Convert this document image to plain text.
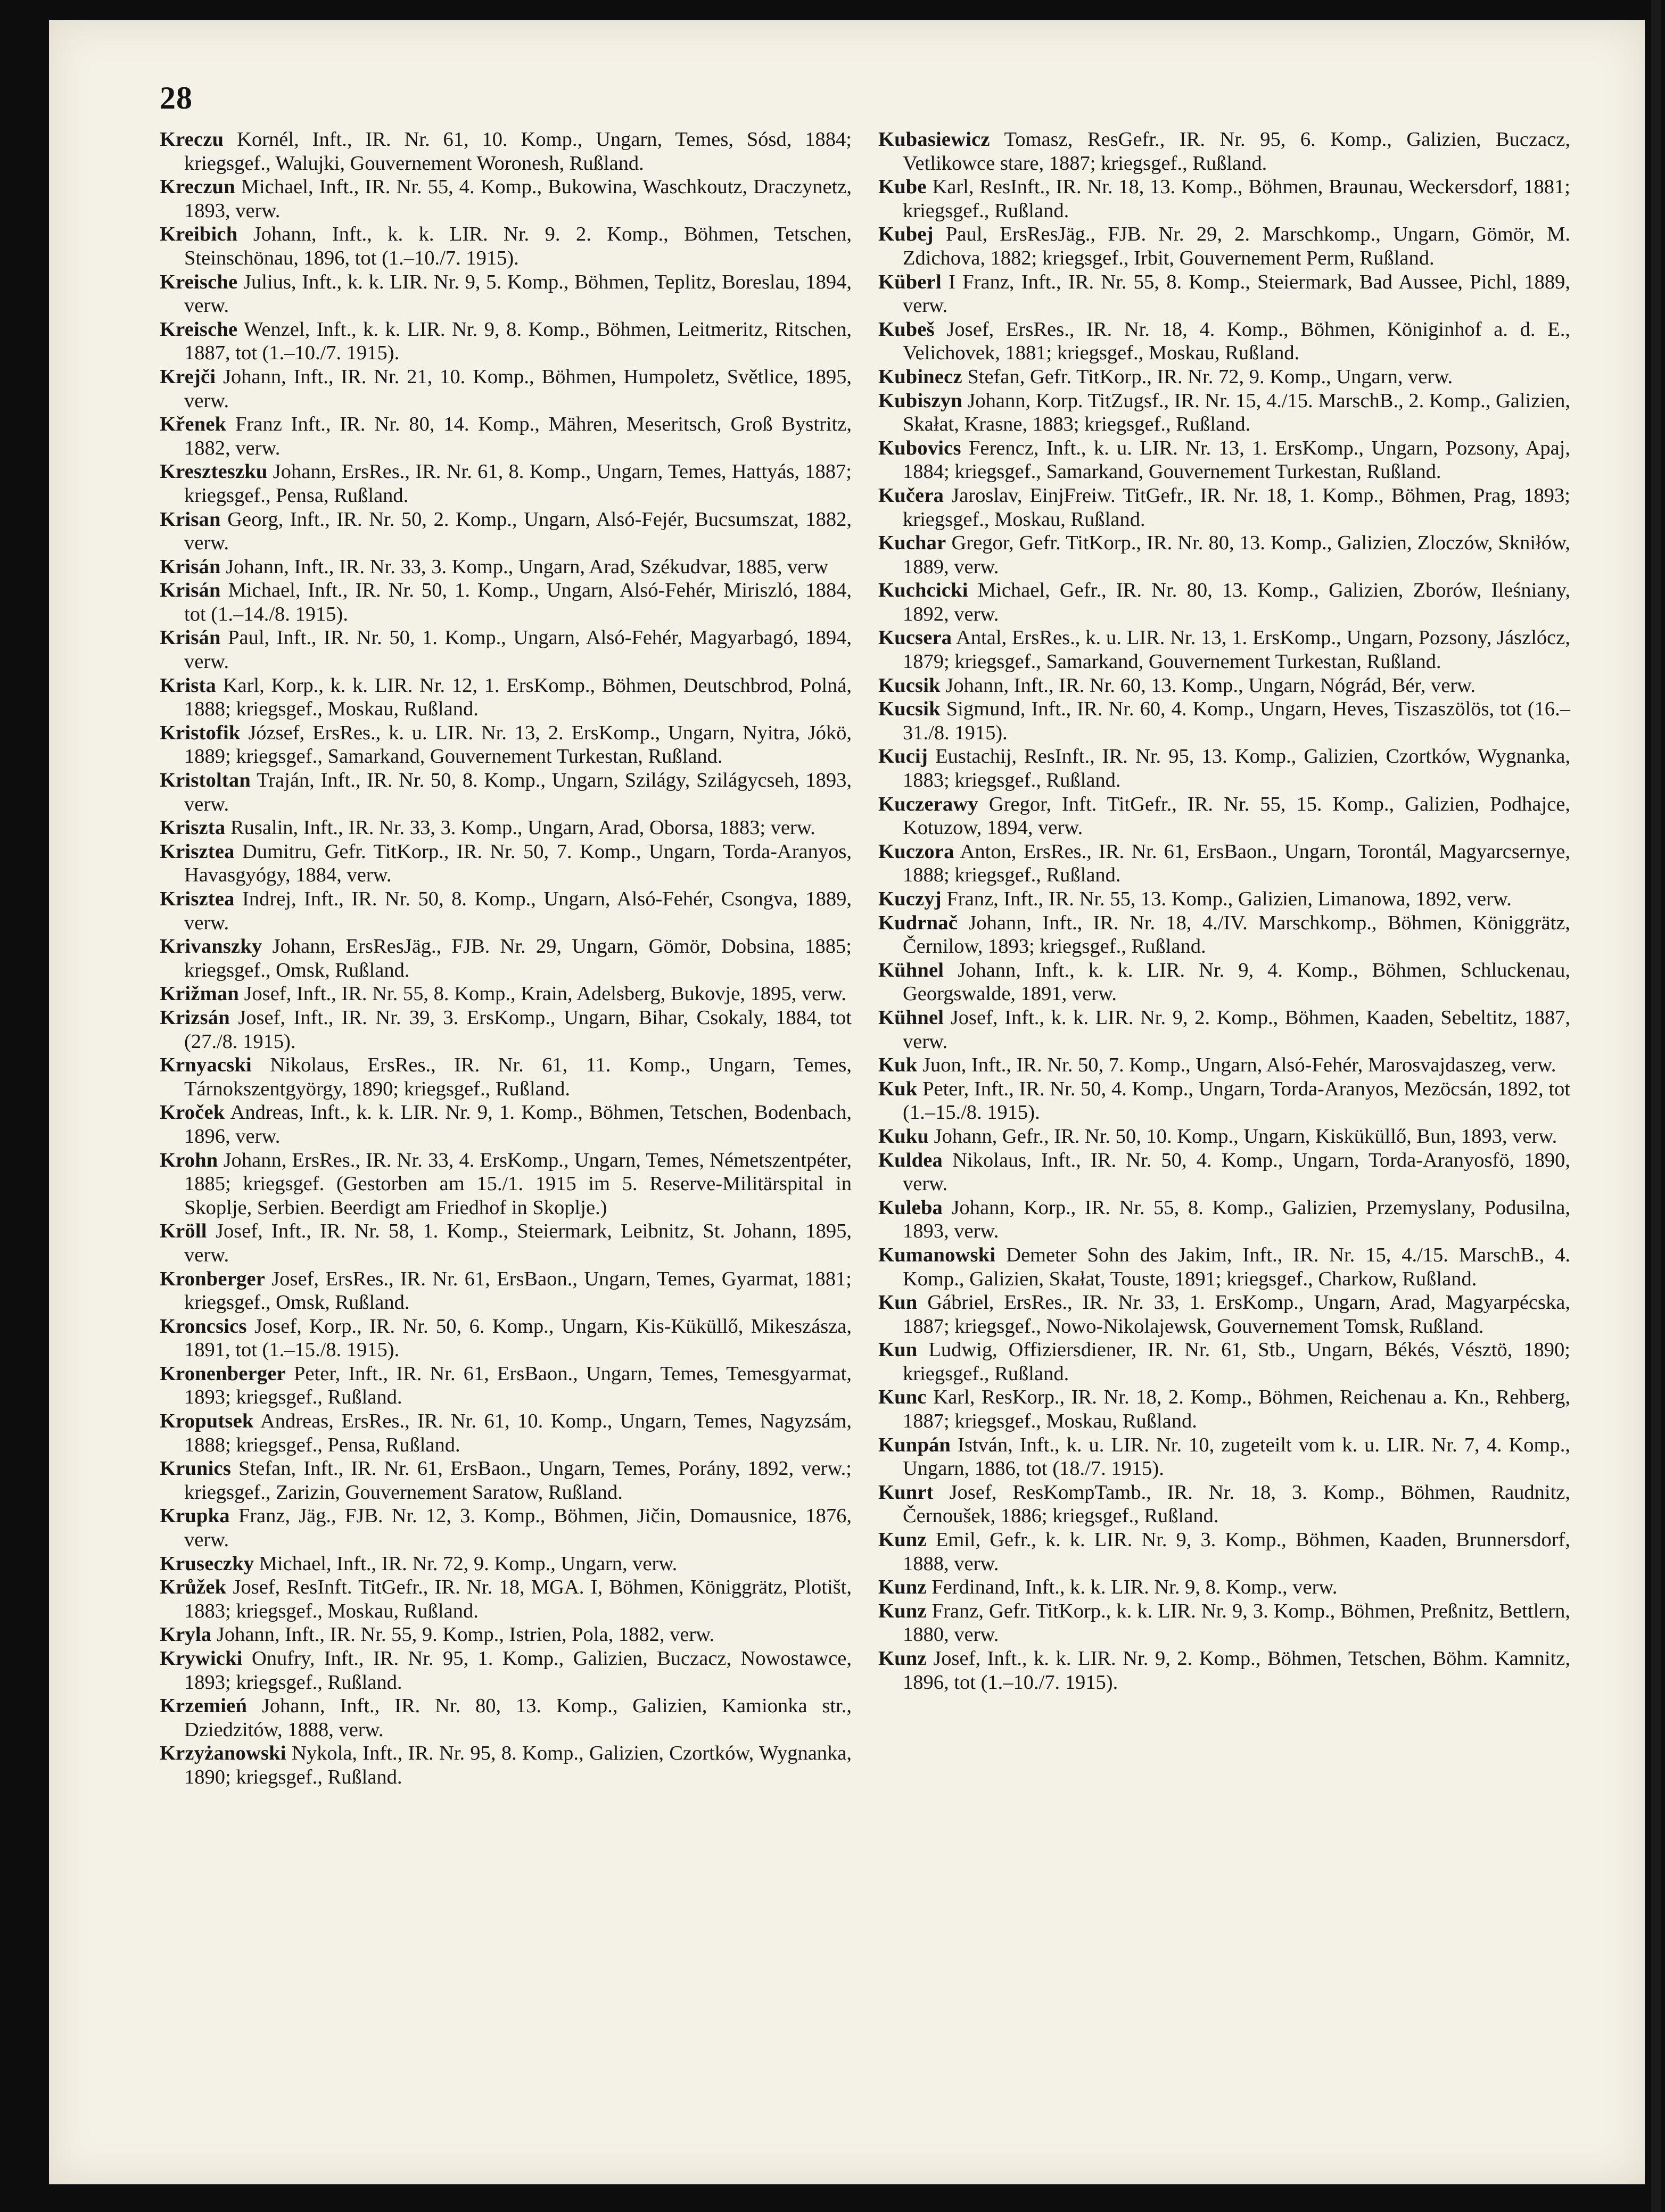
28
Kreczu Kornél, Inft., IR. Nr. 61, 10. Komp., Ungarn, Temes, Sósd, 1884; kriegsgef., Walujki, Gouvernement Woronesh, Rußland.
Kreczun Michael, Inft., IR. Nr. 55, 4. Komp., Bukowina, Waschkoutz, Draczynetz, 1893, verw.
Kreibich Johann, Inft., k. k. LIR. Nr. 9. 2. Komp., Böhmen, Tetschen, Steinschönau, 1896, tot (1.–10./7. 1915).
Kreische Julius, Inft., k. k. LIR. Nr. 9, 5. Komp., Böhmen, Teplitz, Boreslau, 1894, verw.
Kreische Wenzel, Inft., k. k. LIR. Nr. 9, 8. Komp., Böhmen, Leitmeritz, Ritschen, 1887, tot (1.–10./7. 1915).
Krejči Johann, Inft., IR. Nr. 21, 10. Komp., Böhmen, Humpoletz, Světlice, 1895, verw.
Křenek Franz Inft., IR. Nr. 80, 14. Komp., Mähren, Meseritsch, Groß Bystritz, 1882, verw.
Kreszteszku Johann, ErsRes., IR. Nr. 61, 8. Komp., Ungarn, Temes, Hattyás, 1887; kriegsgef., Pensa, Rußland.
Krisan Georg, Inft., IR. Nr. 50, 2. Komp., Ungarn, Alsó-Fejér, Bucsumszat, 1882, verw.
Krisán Johann, Inft., IR. Nr. 33, 3. Komp., Ungarn, Arad, Székudvar, 1885, verw
Krisán Michael, Inft., IR. Nr. 50, 1. Komp., Ungarn, Alsó-Fehér, Miriszló, 1884, tot (1.–14./8. 1915).
Krisán Paul, Inft., IR. Nr. 50, 1. Komp., Ungarn, Alsó-Fehér, Magyarbagó, 1894, verw.
Krista Karl, Korp., k. k. LIR. Nr. 12, 1. ErsKomp., Böhmen, Deutschbrod, Polná, 1888; kriegsgef., Moskau, Rußland.
Kristofik József, ErsRes., k. u. LIR. Nr. 13, 2. ErsKomp., Ungarn, Nyitra, Jókö, 1889; kriegsgef., Samarkand, Gouvernement Turkestan, Rußland.
Kristoltan Traján, Inft., IR. Nr. 50, 8. Komp., Ungarn, Szilágy, Szilágycseh, 1893, verw.
Kriszta Rusalin, Inft., IR. Nr. 33, 3. Komp., Ungarn, Arad, Oborsa, 1883; verw.
Krisztea Dumitru, Gefr. TitKorp., IR. Nr. 50, 7. Komp., Ungarn, Torda-Aranyos, Havasgyógy, 1884, verw.
Krisztea Indrej, Inft., IR. Nr. 50, 8. Komp., Ungarn, Alsó-Fehér, Csongva, 1889, verw.
Krivanszky Johann, ErsResJäg., FJB. Nr. 29, Ungarn, Gömör, Dobsina, 1885; kriegsgef., Omsk, Rußland.
Križman Josef, Inft., IR. Nr. 55, 8. Komp., Krain, Adelsberg, Bukovje, 1895, verw.
Krizsán Josef, Inft., IR. Nr. 39, 3. ErsKomp., Ungarn, Bihar, Csokaly, 1884, tot (27./8. 1915).
Krnyacski Nikolaus, ErsRes., IR. Nr. 61, 11. Komp., Ungarn, Temes, Tárnokszentgyörgy, 1890; kriegsgef., Rußland.
Kroček Andreas, Inft., k. k. LIR. Nr. 9, 1. Komp., Böhmen, Tetschen, Bodenbach, 1896, verw.
Krohn Johann, ErsRes., IR. Nr. 33, 4. ErsKomp., Ungarn, Temes, Németszentpéter, 1885; kriegsgef. (Gestorben am 15./1. 1915 im 5. Reserve-Militärspital in Skoplje, Serbien. Beerdigt am Friedhof in Skoplje.)
Kröll Josef, Inft., IR. Nr. 58, 1. Komp., Steiermark, Leibnitz, St. Johann, 1895, verw.
Kronberger Josef, ErsRes., IR. Nr. 61, ErsBaon., Ungarn, Temes, Gyarmat, 1881; kriegsgef., Omsk, Rußland.
Kroncsics Josef, Korp., IR. Nr. 50, 6. Komp., Ungarn, Kis-Küküllő, Mikeszásza, 1891, tot (1.–15./8. 1915).
Kronenberger Peter, Inft., IR. Nr. 61, ErsBaon., Ungarn, Temes, Temesgyarmat, 1893; kriegsgef., Rußland.
Kroputsek Andreas, ErsRes., IR. Nr. 61, 10. Komp., Ungarn, Temes, Nagyzsám, 1888; kriegsgef., Pensa, Rußland.
Krunics Stefan, Inft., IR. Nr. 61, ErsBaon., Ungarn, Temes, Porány, 1892, verw.; kriegsgef., Zarizin, Gouvernement Saratow, Rußland.
Krupka Franz, Jäg., FJB. Nr. 12, 3. Komp., Böhmen, Jičin, Domausnice, 1876, verw.
Kruseczky Michael, Inft., IR. Nr. 72, 9. Komp., Ungarn, verw.
Krůžek Josef, ResInft. TitGefr., IR. Nr. 18, MGA. I, Böhmen, Königgrätz, Plotišt, 1883; kriegsgef., Moskau, Rußland.
Kryla Johann, Inft., IR. Nr. 55, 9. Komp., Istrien, Pola, 1882, verw.
Krywicki Onufry, Inft., IR. Nr. 95, 1. Komp., Galizien, Buczacz, Nowostawce, 1893; kriegsgef., Rußland.
Krzemień Johann, Inft., IR. Nr. 80, 13. Komp., Galizien, Kamionka str., Dziedzitów, 1888, verw.
Krzyżanowski Nykola, Inft., IR. Nr. 95, 8. Komp., Galizien, Czortków, Wygnanka, 1890; kriegsgef., Rußland.
Kubasiewicz Tomasz, ResGefr., IR. Nr. 95, 6. Komp., Galizien, Buczacz, Vetlikowce stare, 1887; kriegsgef., Rußland.
Kube Karl, ResInft., IR. Nr. 18, 13. Komp., Böhmen, Braunau, Weckersdorf, 1881; kriegsgef., Rußland.
Kubej Paul, ErsResJäg., FJB. Nr. 29, 2. Marschkomp., Ungarn, Gömör, M. Zdichova, 1882; kriegsgef., Irbit, Gouvernement Perm, Rußland.
Küberl I Franz, Inft., IR. Nr. 55, 8. Komp., Steiermark, Bad Aussee, Pichl, 1889, verw.
Kubeš Josef, ErsRes., IR. Nr. 18, 4. Komp., Böhmen, Königinhof a. d. E., Velichovek, 1881; kriegsgef., Moskau, Rußland.
Kubinecz Stefan, Gefr. TitKorp., IR. Nr. 72, 9. Komp., Ungarn, verw.
Kubiszyn Johann, Korp. TitZugsf., IR. Nr. 15, 4./15. MarschB., 2. Komp., Galizien, Skałat, Krasne, 1883; kriegsgef., Rußland.
Kubovics Ferencz, Inft., k. u. LIR. Nr. 13, 1. ErsKomp., Ungarn, Pozsony, Apaj, 1884; kriegsgef., Samarkand, Gouvernement Turkestan, Rußland.
Kučera Jaroslav, EinjFreiw. TitGefr., IR. Nr. 18, 1. Komp., Böhmen, Prag, 1893; kriegsgef., Moskau, Rußland.
Kuchar Gregor, Gefr. TitKorp., IR. Nr. 80, 13. Komp., Galizien, Zloczów, Skniłów, 1889, verw.
Kuchcicki Michael, Gefr., IR. Nr. 80, 13. Komp., Galizien, Zborów, Ileśniany, 1892, verw.
Kucsera Antal, ErsRes., k. u. LIR. Nr. 13, 1. ErsKomp., Ungarn, Pozsony, Jászlócz, 1879; kriegsgef., Samarkand, Gouvernement Turkestan, Rußland.
Kucsik Johann, Inft., IR. Nr. 60, 13. Komp., Ungarn, Nógrád, Bér, verw.
Kucsik Sigmund, Inft., IR. Nr. 60, 4. Komp., Ungarn, Heves, Tiszaszölös, tot (16.–31./8. 1915).
Kucij Eustachij, ResInft., IR. Nr. 95, 13. Komp., Galizien, Czortków, Wygnanka, 1883; kriegsgef., Rußland.
Kuczerawy Gregor, Inft. TitGefr., IR. Nr. 55, 15. Komp., Galizien, Podhajce, Kotuzow, 1894, verw.
Kuczora Anton, ErsRes., IR. Nr. 61, ErsBaon., Ungarn, Torontál, Magyarcsernye, 1888; kriegsgef., Rußland.
Kuczyj Franz, Inft., IR. Nr. 55, 13. Komp., Galizien, Limanowa, 1892, verw.
Kudrnač Johann, Inft., IR. Nr. 18, 4./IV. Marschkomp., Böhmen, Königgrätz, Černilow, 1893; kriegsgef., Rußland.
Kühnel Johann, Inft., k. k. LIR. Nr. 9, 4. Komp., Böhmen, Schluckenau, Georgswalde, 1891, verw.
Kühnel Josef, Inft., k. k. LIR. Nr. 9, 2. Komp., Böhmen, Kaaden, Sebeltitz, 1887, verw.
Kuk Juon, Inft., IR. Nr. 50, 7. Komp., Ungarn, Alsó-Fehér, Marosvajdaszeg, verw.
Kuk Peter, Inft., IR. Nr. 50, 4. Komp., Ungarn, Torda-Aranyos, Mezöcsán, 1892, tot (1.–15./8. 1915).
Kuku Johann, Gefr., IR. Nr. 50, 10. Komp., Ungarn, Kisküküllő, Bun, 1893, verw.
Kuldea Nikolaus, Inft., IR. Nr. 50, 4. Komp., Ungarn, Torda-Aranyosfö, 1890, verw.
Kuleba Johann, Korp., IR. Nr. 55, 8. Komp., Galizien, Przemyslany, Podusilna, 1893, verw.
Kumanowski Demeter Sohn des Jakim, Inft., IR. Nr. 15, 4./15. MarschB., 4. Komp., Galizien, Skałat, Touste, 1891; kriegsgef., Charkow, Rußland.
Kun Gábriel, ErsRes., IR. Nr. 33, 1. ErsKomp., Ungarn, Arad, Magyarpécska, 1887; kriegsgef., Nowo-Nikolajewsk, Gouvernement Tomsk, Rußland.
Kun Ludwig, Offiziersdiener, IR. Nr. 61, Stb., Ungarn, Békés, Vésztö, 1890; kriegsgef., Rußland.
Kunc Karl, ResKorp., IR. Nr. 18, 2. Komp., Böhmen, Reichenau a. Kn., Rehberg, 1887; kriegsgef., Moskau, Rußland.
Kunpán István, Inft., k. u. LIR. Nr. 10, zugeteilt vom k. u. LIR. Nr. 7, 4. Komp., Ungarn, 1886, tot (18./7. 1915).
Kunrt Josef, ResKompTamb., IR. Nr. 18, 3. Komp., Böhmen, Raudnitz, Černoušek, 1886; kriegsgef., Rußland.
Kunz Emil, Gefr., k. k. LIR. Nr. 9, 3. Komp., Böhmen, Kaaden, Brunnersdorf, 1888, verw.
Kunz Ferdinand, Inft., k. k. LIR. Nr. 9, 8. Komp., verw.
Kunz Franz, Gefr. TitKorp., k. k. LIR. Nr. 9, 3. Komp., Böhmen, Preßnitz, Bettlern, 1880, verw.
Kunz Josef, Inft., k. k. LIR. Nr. 9, 2. Komp., Böhmen, Tetschen, Böhm. Kamnitz, 1896, tot (1.–10./7. 1915).
